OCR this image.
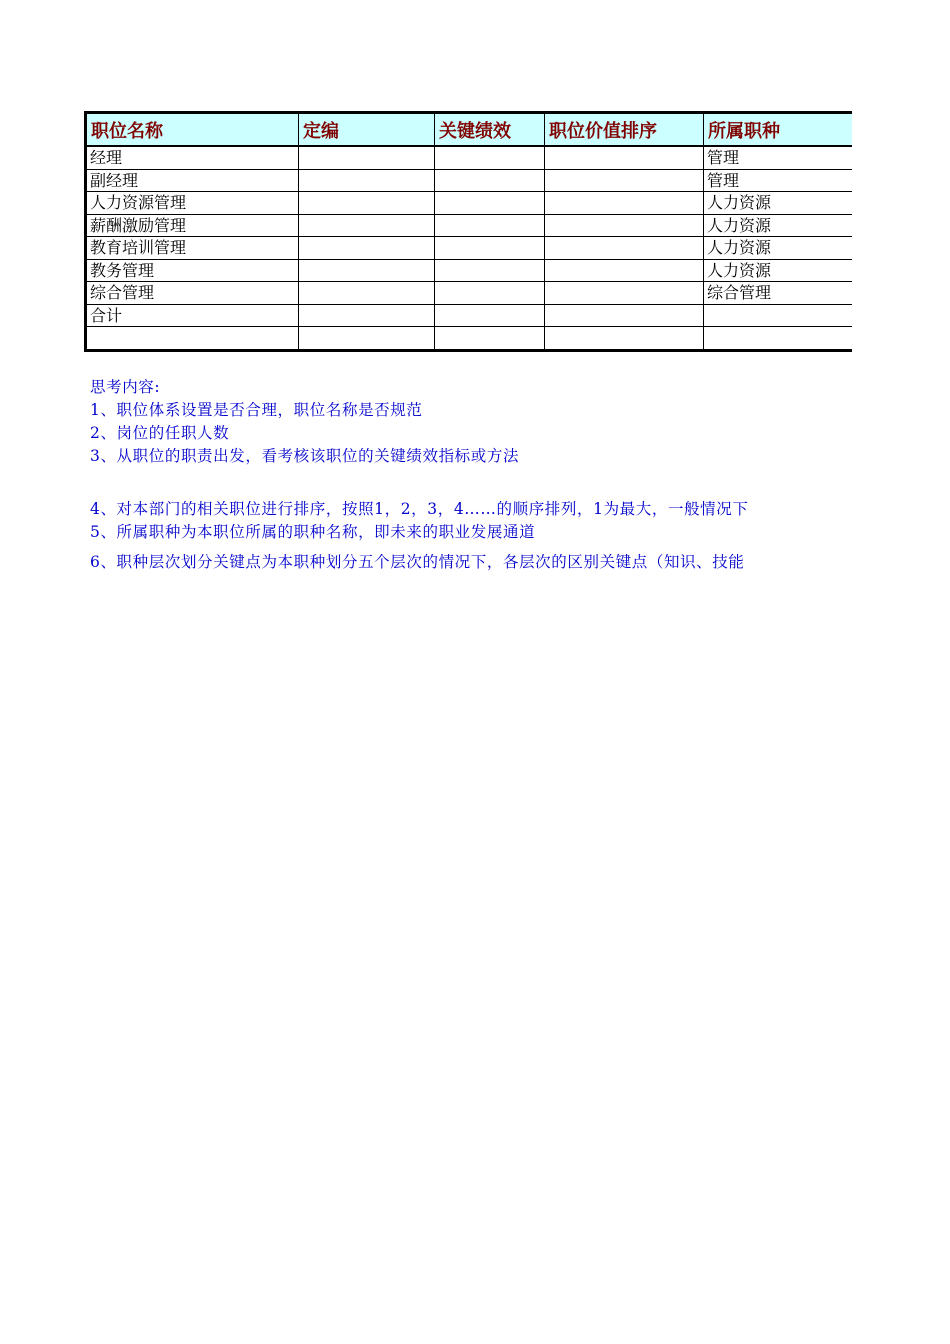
职位名称	定编	关键绩效	职位价值排序	所属职种
经理				管理
副经理				管理
人力资源管理				人力资源
薪酬激励管理				人力资源
教育培训管理				人力资源
教务管理				人力资源
综合管理				综合管理
合计				

思考内容:
1、职位体系设置是否合理，职位名称是否规范
2、岗位的任职人数
3、从职位的职责出发，看考核该职位的关键绩效指标或方法
4、对本部门的相关职位进行排序，按照1，2，3，4……的顺序排列，1为最大，一般情况下
5、所属职种为本职位所属的职种名称，即未来的职业发展通道
6、职种层次划分关键点为本职种划分五个层次的情况下，各层次的区别关键点（知识、技能
